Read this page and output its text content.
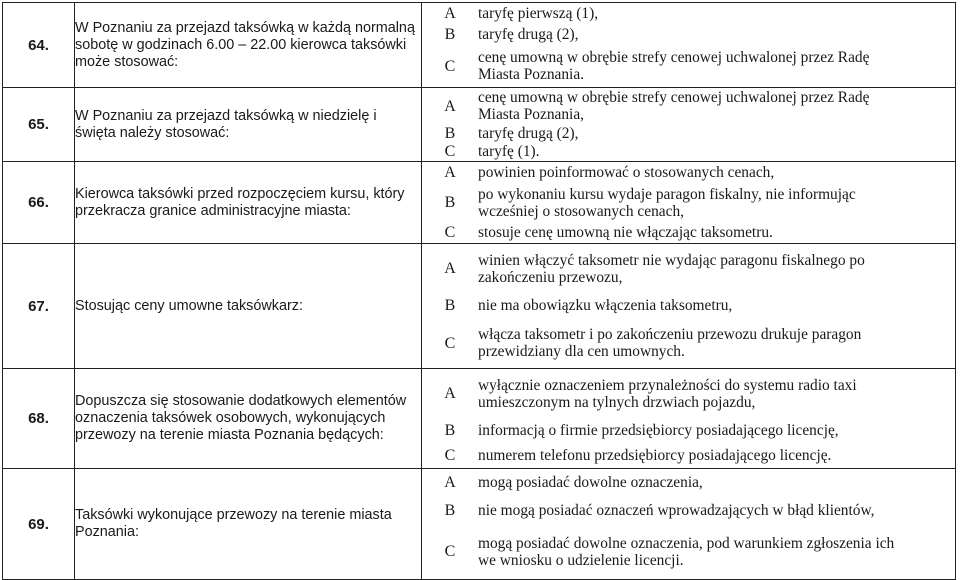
64.	
W Poznaniu za przejazd taksówką w każdą normalną
sobotę w godzinach 6.00 – 22.00 kierowca taksówki
może stosować:

A	taryfę pierwszą (1),

B	taryfę drugą (2),

C	cenę umowną w obrębie strefy cenowej uchwalonej przez Radę
Miasta Poznania.

65.	
W Poznaniu za przejazd taksówką w niedzielę i
święta należy stosować:

A	cenę umowną w obrębie strefy cenowej uchwalonej przez Radę
Miasta Poznania,

B	taryfę drugą (2),

C	taryfę (1).

66.	
Kierowca taksówki przed rozpoczęciem kursu, który
przekracza granice administracyjne miasta:

A	powinien poinformować o stosowanych cenach,

B	po wykonaniu kursu wydaje paragon fiskalny, nie informując
wcześniej o stosowanych cenach,

C	stosuje cenę umowną nie włączając taksometru.

67.	Stosując ceny umowne taksówkarz:

A	winien włączyć taksometr nie wydając paragonu fiskalnego po
zakończeniu przewozu,

B	nie ma obowiązku włączenia taksometru,

C	włącza taksometr i po zakończeniu przewozu drukuje paragon
przewidziany dla cen umownych.

68.	
Dopuszcza się stosowanie dodatkowych elementów
oznaczenia taksówek osobowych, wykonujących
przewozy na terenie miasta Poznania będących:

A	wyłącznie oznaczeniem przynależności do systemu radio taxi
umieszczonym na tylnych drzwiach pojazdu,

B	informacją o firmie przedsiębiorcy posiadającego licencję,

C	numerem telefonu przedsiębiorcy posiadającego licencję.

69.	
Taksówki wykonujące przewozy na terenie miasta
Poznania:

A	mogą posiadać dowolne oznaczenia,

B	nie mogą posiadać oznaczeń wprowadzających w błąd klientów,

C	mogą posiadać dowolne oznaczenia, pod warunkiem zgłoszenia ich
we wniosku o udzielenie licencji.
